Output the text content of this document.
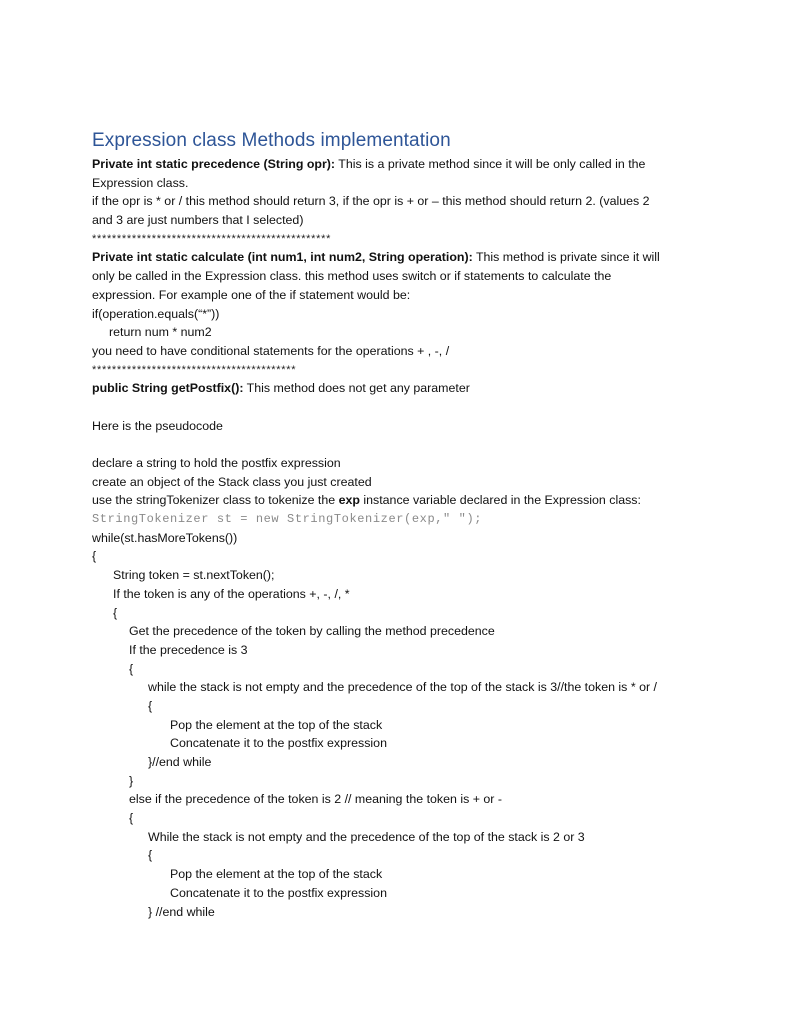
Expression class Methods implementation
Private int static precedence (String opr): This is a private method since it will be only called in the
Expression class.
if the opr is * or / this method should return 3, if the opr is + or – this method should return 2. (values 2
and 3 are just numbers that I selected)
************************************************
Private int static calculate (int num1, int num2, String operation): This method is private since it will
only be called in the Expression class. this method uses switch or if statements to calculate the
expression. For example one of the if statement would be:
if(operation.equals(“*”))
return num * num2
you need to have conditional statements for the operations + , -, /
*****************************************
public String getPostfix(): This method does not get any parameter
Here is the pseudocode
declare a string to hold the postfix expression
create an object of the Stack class you just created
use the stringTokenizer class to tokenize the exp instance variable declared in the Expression class:
StringTokenizer st = new StringTokenizer(exp," ");
while(st.hasMoreTokens())
{
String token = st.nextToken();
If the token is any of the operations +, -, /, *
{
Get the precedence of the token by calling the method precedence
If the precedence is 3
{
while the stack is not empty and the precedence of the top of the stack is 3//the token is * or /
{
Pop the element at the top of the stack
Concatenate it to the postfix expression
}//end while
}
else if the precedence of the token is 2 // meaning the token is + or -
{
While the stack is not empty and the precedence of the top of the stack is 2 or 3
{
Pop the element at the top of the stack
Concatenate it to the postfix expression
} //end while
